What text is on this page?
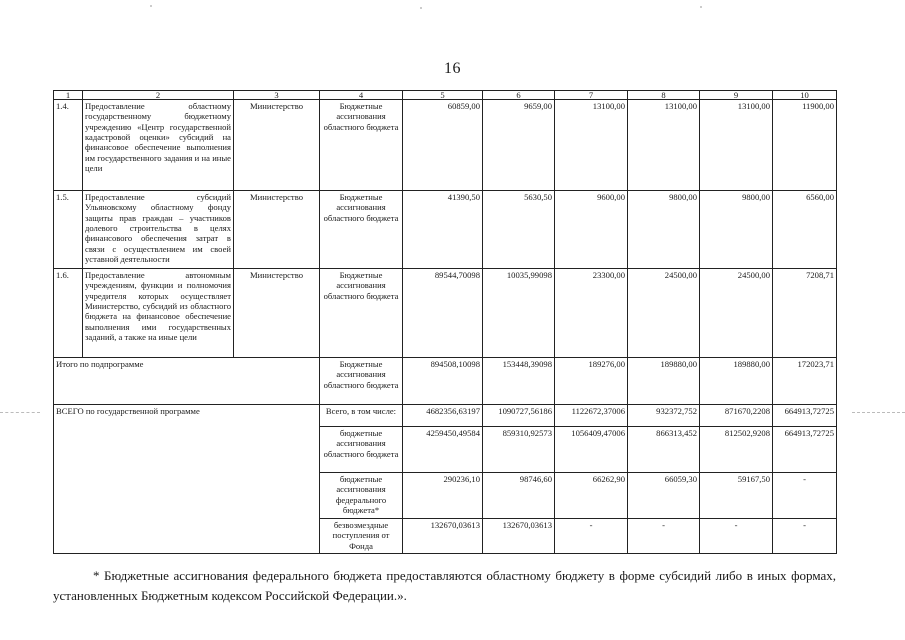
16
1	2	3	4	5	6	7	8	9	10
1.4.	Предоставление областному государственному бюджетному учреждению «Центр государственной кадастровой оценки» субсидий на финансовое обеспечение выполнения им государственного задания и на иные цели	Министерство	Бюджетные ассигнования областного бюджета	60859,00	9659,00	13100,00	13100,00	13100,00	11900,00
1.5.	Предоставление субсидий Ульяновскому областному фонду защиты прав граждан – участников долевого строительства в целях финансового обеспечения затрат в связи с осуществлением им своей уставной деятельности	Министерство	Бюджетные ассигнования областного бюджета	41390,50	5630,50	9600,00	9800,00	9800,00	6560,00
1.6.	Предоставление автономным учреждениям, функции и полномочия учредителя которых осуществляет Министерство, субсидий из областного бюджета на финансовое обеспечение выполнения ими государственных заданий, а также на иные цели	Министерство	Бюджетные ассигнования областного бюджета	89544,70098	10035,99098	23300,00	24500,00	24500,00	7208,71
Итого по подпрограмме			Бюджетные ассигнования областного бюджета	894508,10098	153448,39098	189276,00	189880,00	189880,00	172023,71
ВСЕГО по государственной программе			Всего, в том числе:	4682356,63197	1090727,56186	1122672,37006	932372,752	871670,2208	664913,72725
			бюджетные ассигнования областного бюджета	4259450,49584	859310,92573	1056409,47006	866313,452	812502,9208	664913,72725
			бюджетные ассигнования федерального бюджета*	290236,10	98746,60	66262,90	66059,30	59167,50	-
			безвозмездные поступления от Фонда	132670,03613	132670,03613	-	-	-	-
* Бюджетные ассигнования федерального бюджета предоставляются областному бюджету в форме субсидий либо в иных формах, установленных Бюджетным кодексом Российской Федерации.».
